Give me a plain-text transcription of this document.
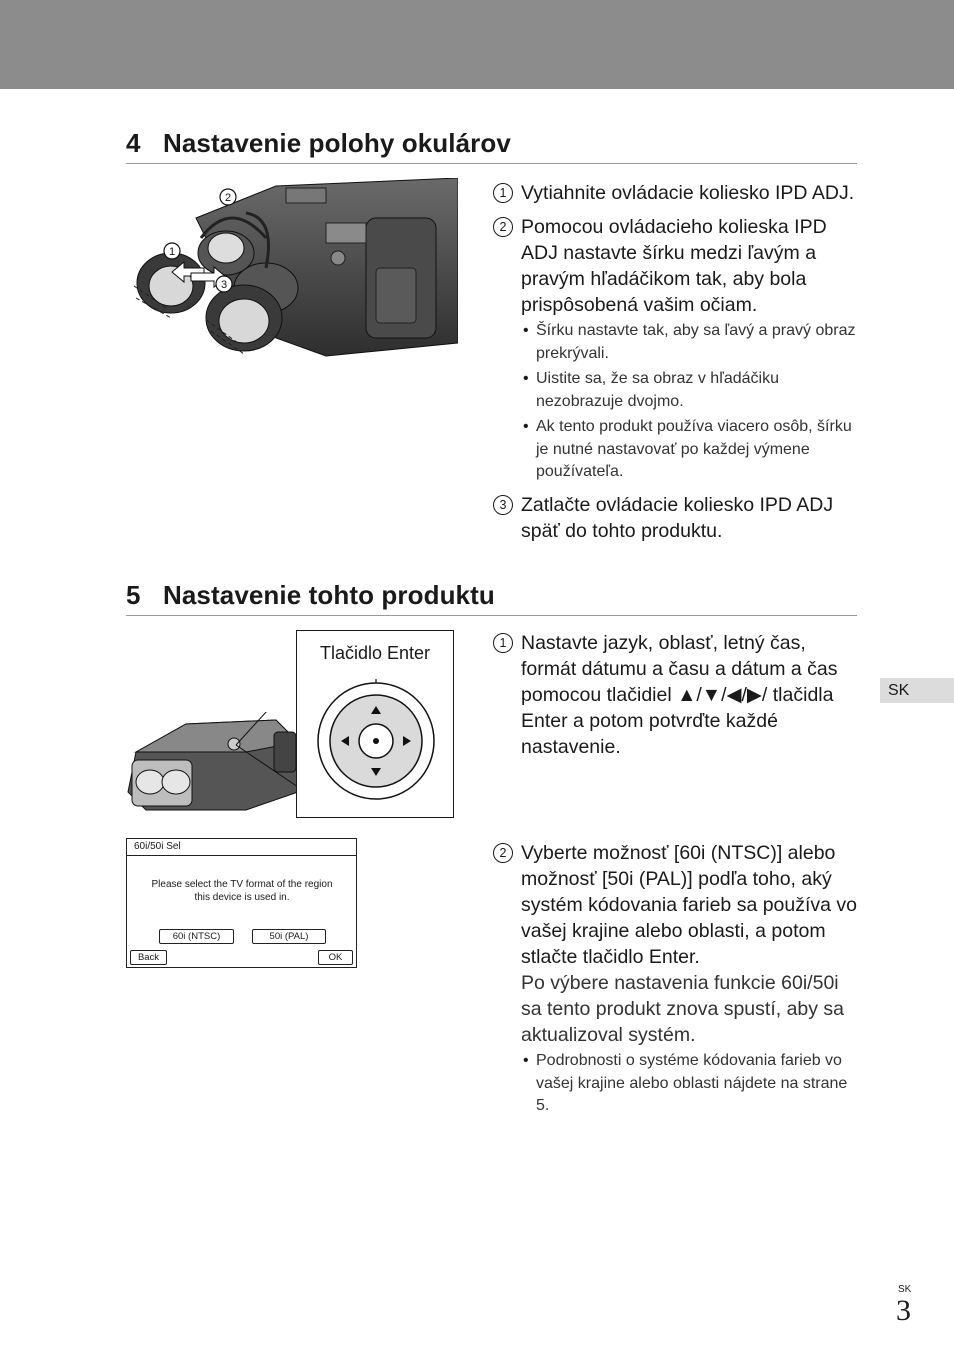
4 Nastavenie polohy okulárov
2
1
3
1 Vytiahnite ovládacie koliesko IPD ADJ.
2 Pomocou ovládacieho kolieska IPD ADJ nastavte šírku medzi ľavým a pravým hľadáčikom tak, aby bola prispôsobená vašim očiam.
• Šírku nastavte tak, aby sa ľavý a pravý obraz prekrývali.
• Uistite sa, že sa obraz v hľadáčiku nezobrazuje dvojmo.
• Ak tento produkt používa viacero osôb, šírku je nutné nastavovať po každej výmene používateľa.
3 Zatlačte ovládacie koliesko IPD ADJ späť do tohto produktu.
5 Nastavenie tohto produktu
Tlačidlo Enter	1 Nastavte jazyk, oblasť, letný čas, formát dátumu a času a dátum a čas pomocou tlačidiel ▲/▼/◀/▶/ tlačidla Enter a potom potvrďte každé nastavenie.
60i/50i Sel
Please select the TV format of the region this device is used in.
60i (NTSC)	50i (PAL)
Back	OK
2 Vyberte možnosť [60i (NTSC)] alebo možnosť [50i (PAL)] podľa toho, aký systém kódovania farieb sa používa vo vašej krajine alebo oblasti, a potom stlačte tlačidlo Enter.
Po výbere nastavenia funkcie 60i/50i sa tento produkt znova spustí, aby sa aktualizoval systém.
• Podrobnosti o systéme kódovania farieb vo vašej krajine alebo oblasti nájdete na strane 5.
SK
SK
3
